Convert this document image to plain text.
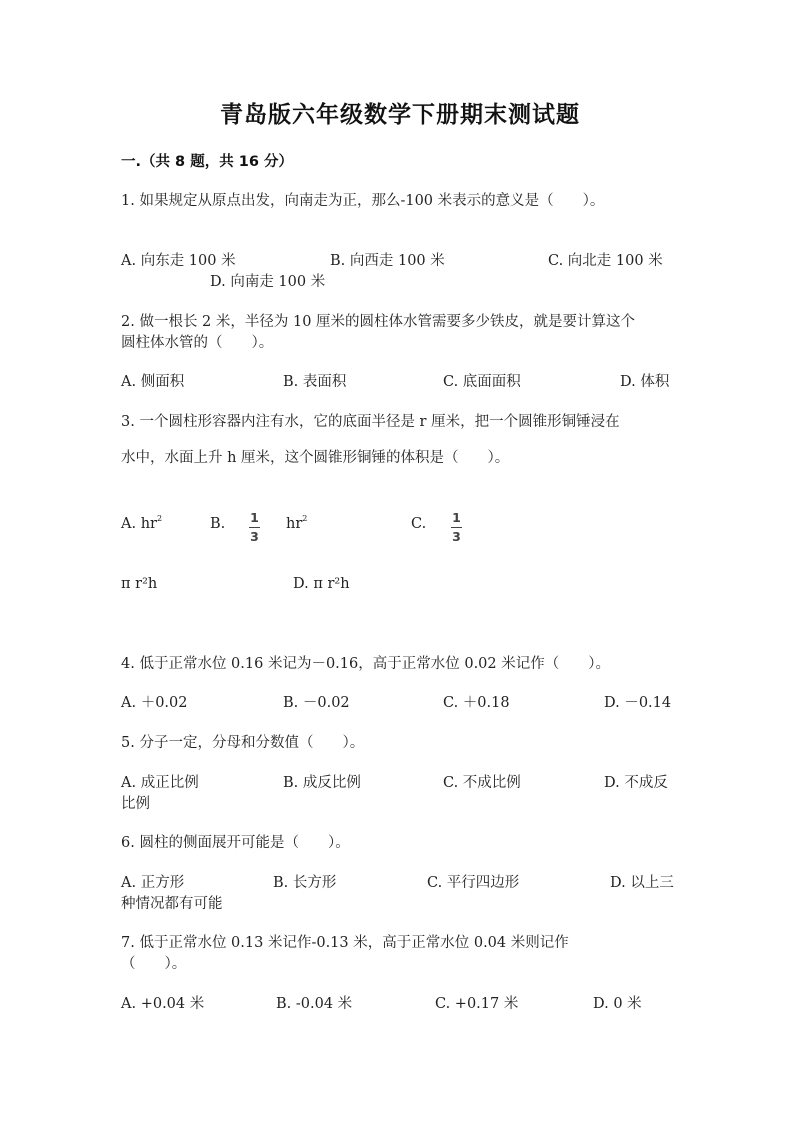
青岛版六年级数学下册期末测试题
一.（共 8 题，共 16 分）
1. 如果规定从原点出发，向南走为正，那么-100 米表示的意义是（　　）。
A. 向东走 100 米	B. 向西走 100 米	C. 向北走 100 米
D. 向南走 100 米
2. 做一根长 2 米，半径为 10 厘米的圆柱体水管需要多少铁皮，就是要计算这个
圆柱体水管的（　　）。
A. 侧面积	B. 表面积	C. 底面面积	D. 体积
3. 一个圆柱形容器内注有水，它的底面半径是 r 厘米，把一个圆锥形铜锤浸在
水中，水面上升 h 厘米，这个圆锥形铜锤的体积是（　　）。
A. $hr^2$	B. 1
3
$hr^2$	C. 1
3
π r²h	D. π r²h
4. 低于正常水位 0.16 米记为－0.16，高于正常水位 0.02 米记作（　　）。
A. ＋0.02	B. －0.02	C. ＋0.18	D. －0.14
5. 分子一定，分母和分数值（　　）。
A. 成正比例	B. 成反比例	C. 不成比例	D. 不成反
比例
6. 圆柱的侧面展开可能是（　　）。
A. 正方形	B. 长方形	C. 平行四边形	D. 以上三
种情况都有可能
7. 低于正常水位 0.13 米记作-0.13 米，高于正常水位 0.04 米则记作
（　　）。
A. +0.04 米	B. -0.04 米	C. +0.17 米	D. 0 米
